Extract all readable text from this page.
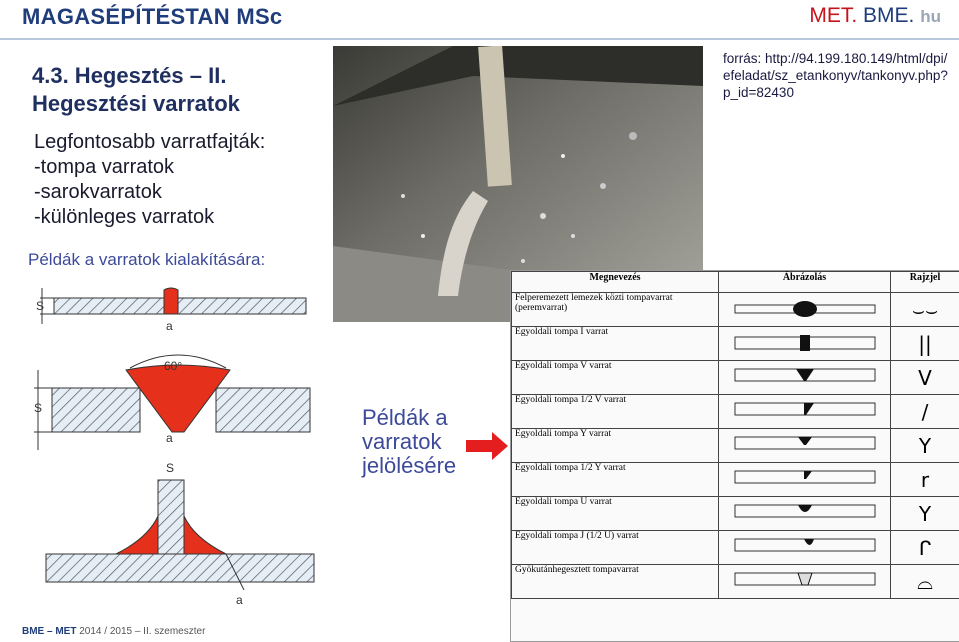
MAGASÉPÍTÉSTAN MSc	MET. BME. hu
4.3. Hegesztés – II. Hegesztési varratok
Legfontosabb varratfajták:
-tompa varratok
-sarokvarratok
-különleges varratok
Példák a varratok kialakítására:
forrás: http://94.199.180.149/html/dpi/efeladat/sz_etankonyv/tankonyv.php?p_id=82430
S
a
60°
S
a
S
a
Példák a
varratok
jelölésére
Megnevezés	Ábrázolás	Rajzjel
Felperemezett lemezek közti tompavarrat (peremvarrat)		⌣⌣
Egyoldali tompa I varrat		||
Egyoldali tompa V varrat		V
Egyoldali tompa 1/2 V varrat		/
Egyoldali tompa Y varrat		Y
Egyoldali tompa 1/2 Y varrat		r
Egyoldali tompa U varrat		Ү
Egyoldali tompa J (1/2 U) varrat		ᒋ
Gyökutánhegesztett tompavarrat		⌓
BME – MET 2014 / 2015 – II. szemeszter
